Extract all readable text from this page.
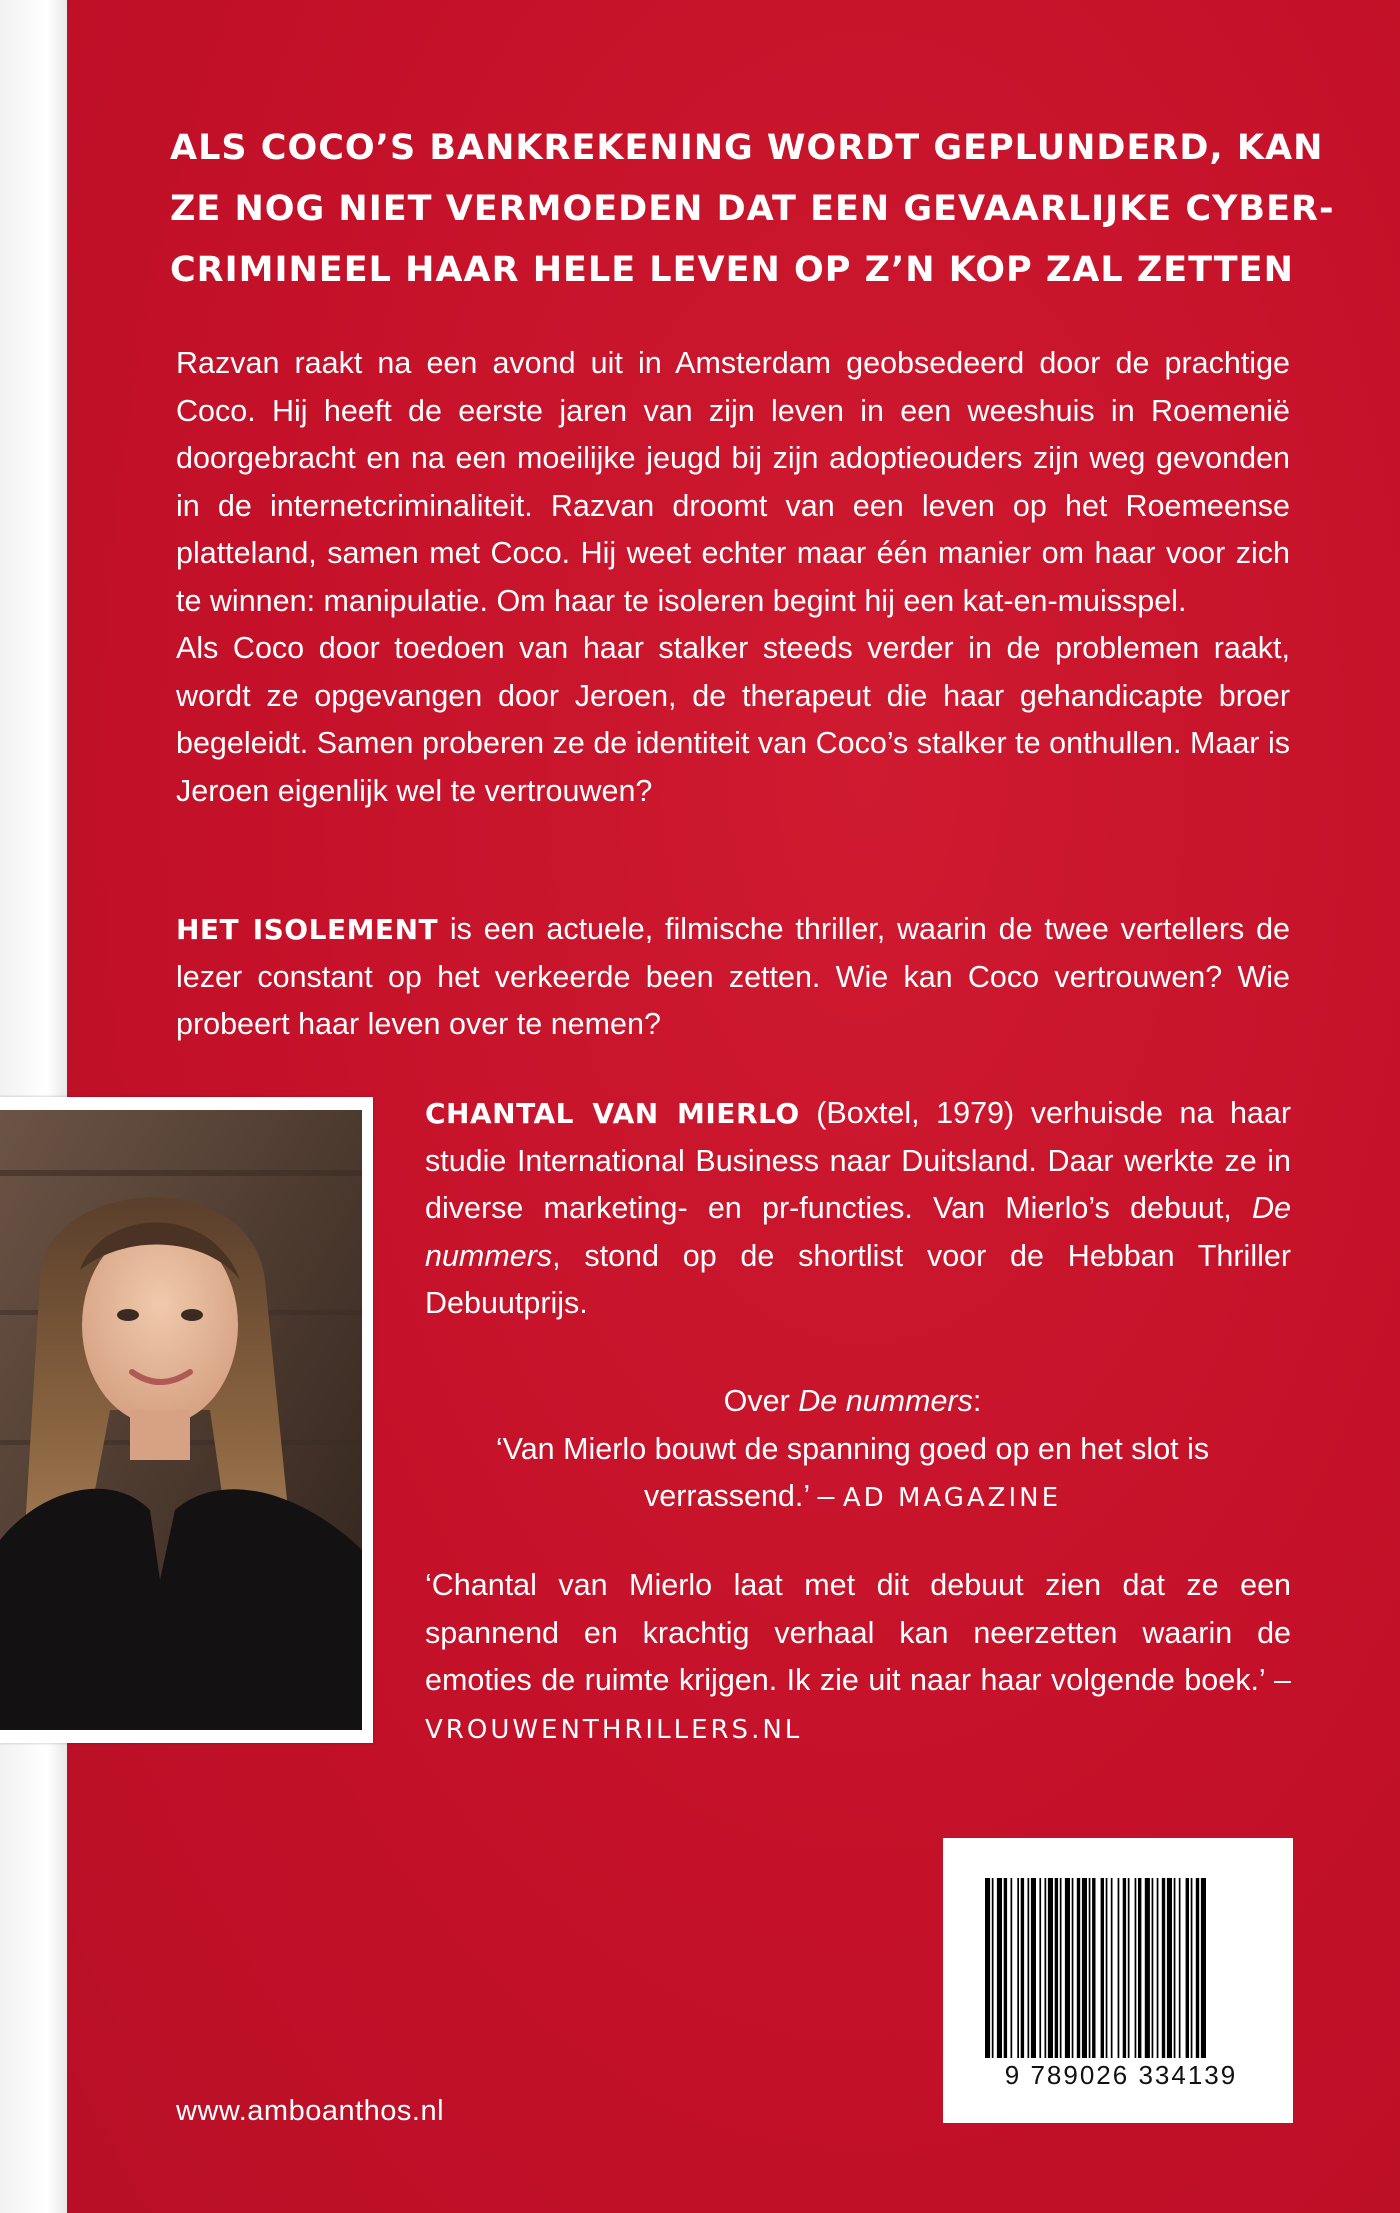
ALS COCO’S BANKREKENING WORDT GEPLUNDERD, KAN
ZE NOG NIET VERMOEDEN DAT EEN GEVAARLIJKE CYBER-
CRIMINEEL HAAR HELE LEVEN OP Z’N KOP ZAL ZETTEN

Razvan raakt na een avond uit in Amsterdam geobsedeerd door de prachtige Coco. Hij heeft de eerste jaren van zijn leven in een weeshuis in Roemenië doorgebracht en na een moeilijke jeugd bij zijn adoptieouders zijn weg gevonden in de internetcriminaliteit. Razvan droomt van een leven op het Roemeense platteland, samen met Coco. Hij weet echter maar één manier om haar voor zich te winnen: manipulatie. Om haar te isoleren begint hij een kat-en-muisspel.

Als Coco door toedoen van haar stalker steeds verder in de problemen raakt, wordt ze opgevangen door Jeroen, de therapeut die haar gehandicapte broer begeleidt. Samen proberen ze de identiteit van Coco’s stalker te onthullen. Maar is Jeroen eigenlijk wel te vertrouwen?

HET ISOLEMENT is een actuele, filmische thriller, waarin de twee vertellers de lezer constant op het verkeerde been zetten. Wie kan Coco vertrouwen? Wie probeert haar leven over te nemen?

CHANTAL VAN MIERLO (Boxtel, 1979) verhuisde na haar studie International Business naar Duitsland. Daar werkte ze in diverse marketing- en pr-functies. Van Mierlo’s debuut, De nummers, stond op de shortlist voor de Hebban Thriller Debuutprijs.

Over De nummers:

‘Van Mierlo bouwt de spanning goed op en het slot is verrassend.’ – AD MAGAZINE

‘Chantal van Mierlo laat met dit debuut zien dat ze een spannend en krachtig verhaal kan neerzetten waarin de emoties de ruimte krijgen. Ik zie uit naar haar volgende boek.’ – VROUWENTHRILLERS.NL

9 789026 334139
www.amboanthos.nl
